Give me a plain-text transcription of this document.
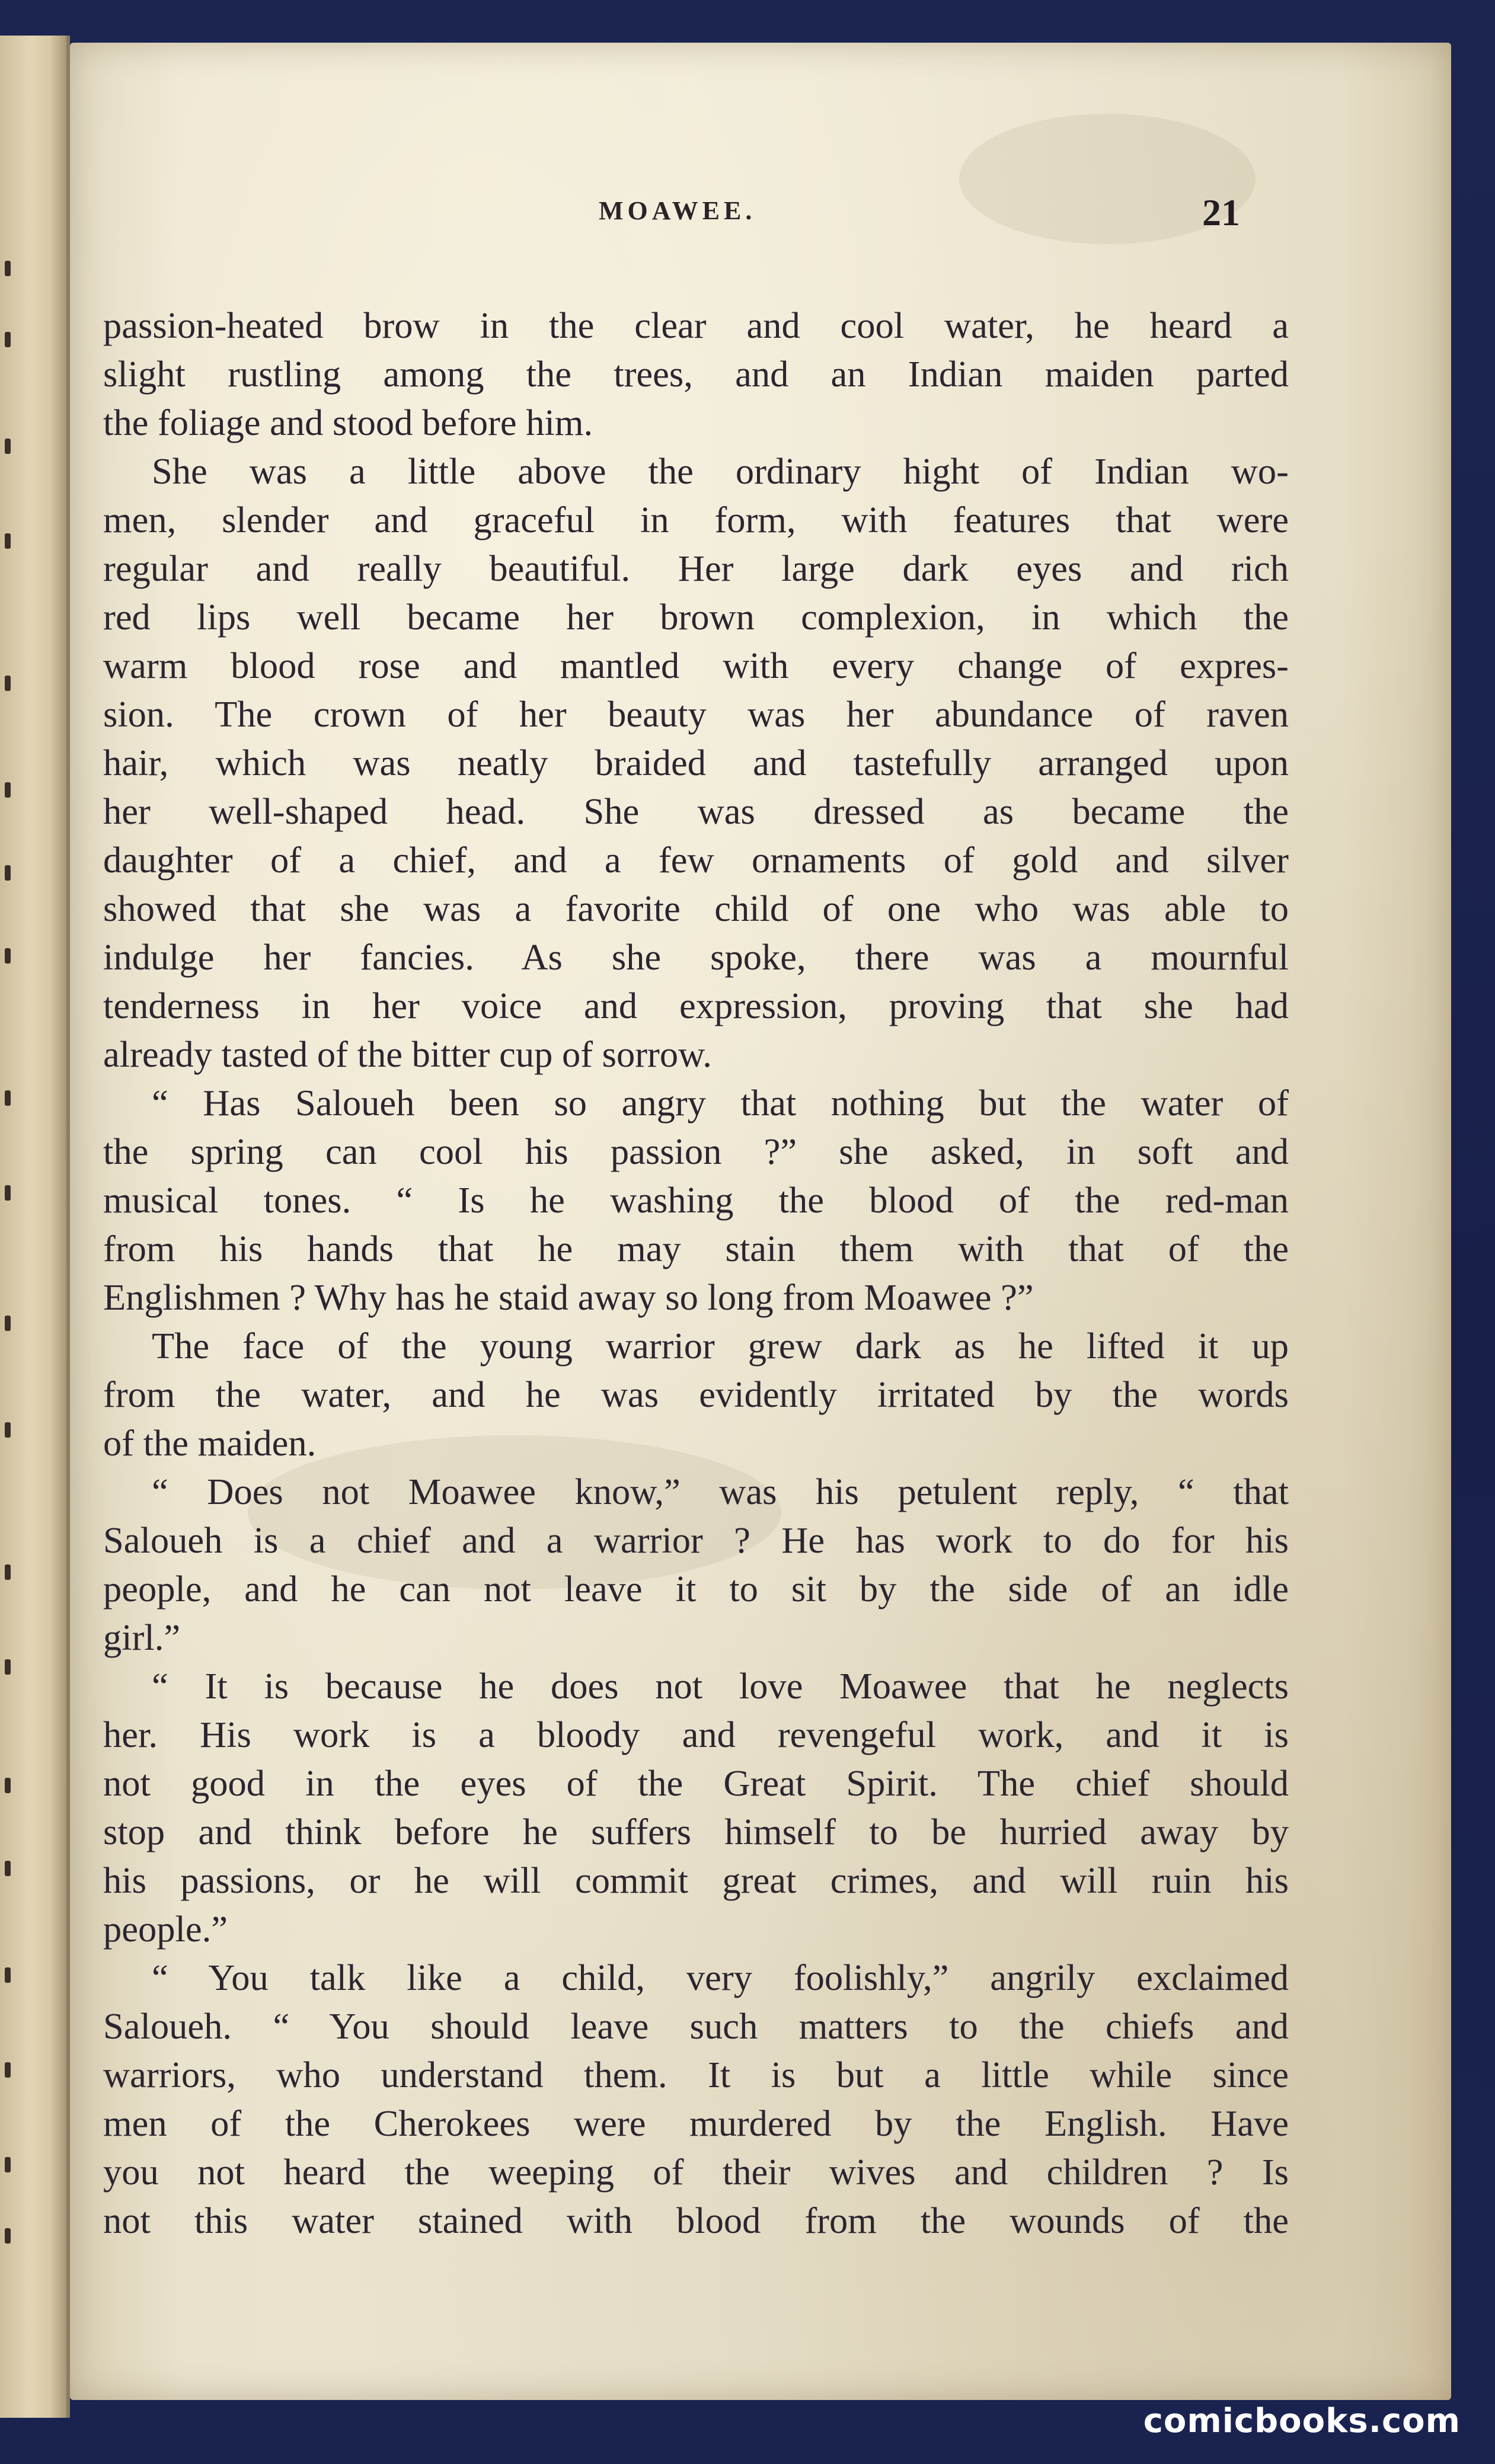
MOAWEE.	21
passion-heated brow in the clear and cool water, he heard a
slight rustling among the trees, and an Indian maiden parted
the foliage and stood before him.
She was a little above the ordinary hight of Indian wo-
men, slender and graceful in form, with features that were
regular and really beautiful. Her large dark eyes and rich
red lips well became her brown complexion, in which the
warm blood rose and mantled with every change of expres-
sion. The crown of her beauty was her abundance of raven
hair, which was neatly braided and tastefully arranged upon
her well-shaped head. She was dressed as became the
daughter of a chief, and a few ornaments of gold and silver
showed that she was a favorite child of one who was able to
indulge her fancies. As she spoke, there was a mournful
tenderness in her voice and expression, proving that she had
already tasted of the bitter cup of sorrow.
“ Has Saloueh been so angry that nothing but the water of
the spring can cool his passion ?” she asked, in soft and
musical tones. “ Is he washing the blood of the red-man
from his hands that he may stain them with that of the
Englishmen ? Why has he staid away so long from Moawee ?”
The face of the young warrior grew dark as he lifted it up
from the water, and he was evidently irritated by the words
of the maiden.
“ Does not Moawee know,” was his petulent reply, “ that
Saloueh is a chief and a warrior ? He has work to do for his
people, and he can not leave it to sit by the side of an idle
girl.”
“ It is because he does not love Moawee that he neglects
her. His work is a bloody and revengeful work, and it is
not good in the eyes of the Great Spirit. The chief should
stop and think before he suffers himself to be hurried away by
his passions, or he will commit great crimes, and will ruin his
people.”
“ You talk like a child, very foolishly,” angrily exclaimed
Saloueh. “ You should leave such matters to the chiefs and
warriors, who understand them. It is but a little while since
men of the Cherokees were murdered by the English. Have
you not heard the weeping of their wives and children ? Is
not this water stained with blood from the wounds of the
comicbooks.com
